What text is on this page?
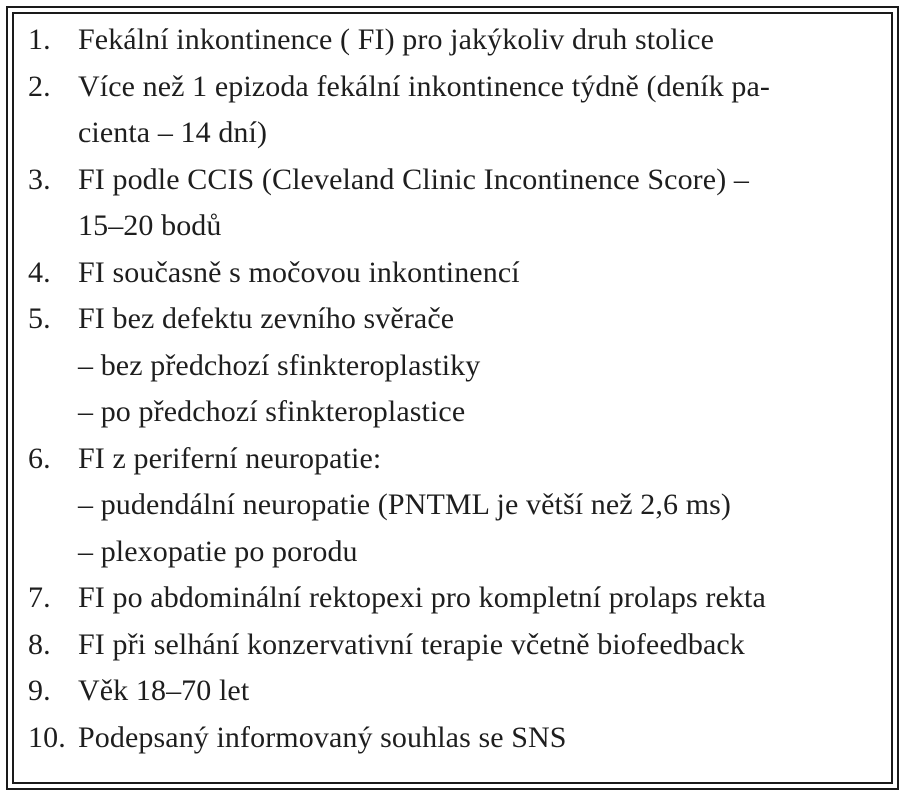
1. Fekální inkontinence ( FI) pro jakýkoliv druh stolice
2. Více než 1 epizoda fekální inkontinence týdně (deník pa-
cienta – 14 dní)
3. FI podle CCIS (Cleveland Clinic Incontinence Score) –
15–20 bodů
4. FI současně s močovou inkontinencí
5. FI bez defektu zevního svěrače
– bez předchozí sfinkteroplastiky
– po předchozí sfinkteroplastice
6. FI z periferní neuropatie:
– pudendální neuropatie (PNTML je větší než 2,6 ms)
– plexopatie po porodu
7. FI po abdominální rektopexi pro kompletní prolaps rekta
8. FI při selhání konzervativní terapie včetně biofeedback
9. Věk 18–70 let
10. Podepsaný informovaný souhlas se SNS
